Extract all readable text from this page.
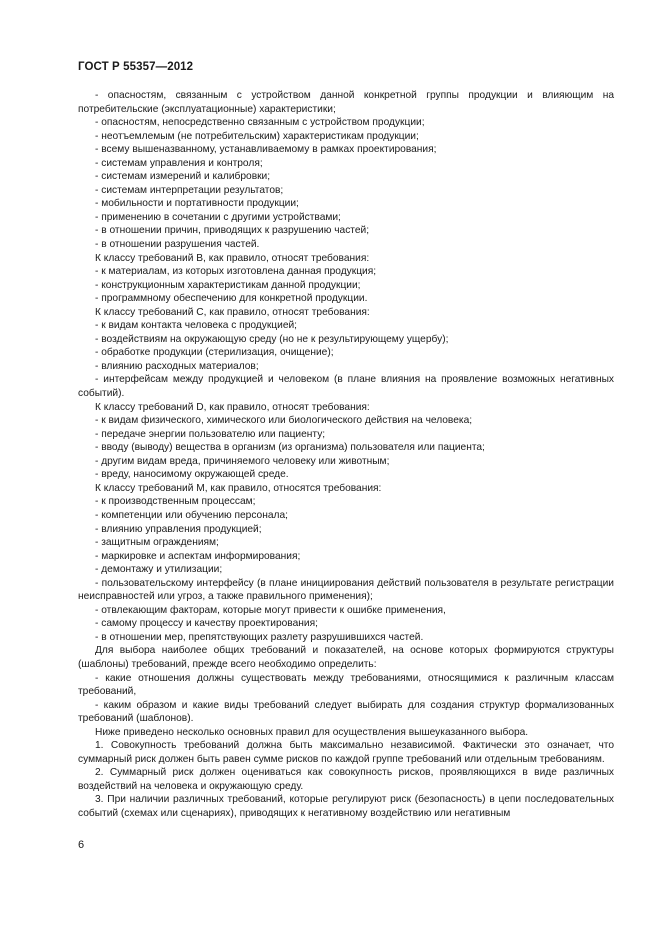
ГОСТ Р 55357—2012

- опасностям, связанным с устройством данной конкретной группы продукции и влияющим на потребительские (эксплуатационные) характеристики;

- опасностям, непосредственно связанным с устройством продукции;

- неотъемлемым (не потребительским) характеристикам продукции;

- всему вышеназванному, устанавливаемому в рамках проектирования;

- системам управления и контроля;

- системам измерений и калибровки;

- системам интерпретации результатов;

- мобильности и портативности продукции;

- применению в сочетании с другими устройствами;

- в отношении причин, приводящих к разрушению частей;

- в отношении разрушения частей.

К классу требований В, как правило, относят требования:

- к материалам, из которых изготовлена данная продукция;

- конструкционным характеристикам данной продукции;

- программному обеспечению для конкретной продукции.

К классу требований С, как правило, относят требования:

- к видам контакта человека с продукцией;

- воздействиям на окружающую среду (но не к результирующему ущербу);

- обработке продукции (стерилизация, очищение);

- влиянию расходных материалов;

- интерфейсам между продукцией и человеком (в плане влияния на проявление возможных негативных событий).

К классу требований D, как правило, относят требования:

- к видам физического, химического или биологического действия на человека;

- передаче энергии пользователю или пациенту;

- вводу (выводу) вещества в организм (из организма) пользователя или пациента;

- другим видам вреда, причиняемого человеку или животным;

- вреду, наносимому окружающей среде.

К классу требований М, как правило, относятся требования:

- к производственным процессам;

- компетенции или обучению персонала;

- влиянию управления продукцией;

- защитным ограждениям;

- маркировке и аспектам информирования;

- демонтажу и утилизации;

- пользовательскому интерфейсу (в плане инициирования действий пользователя в результате регистрации неисправностей или угроз, а также правильного применения);

- отвлекающим факторам, которые могут привести к ошибке применения,

- самому процессу и качеству проектирования;

- в отношении мер, препятствующих разлету разрушившихся частей.

Для выбора наиболее общих требований и показателей, на основе которых формируются структуры (шаблоны) требований, прежде всего необходимо определить:

- какие отношения должны существовать между требованиями, относящимися к различным классам требований,

- каким образом и какие виды требований следует выбирать для создания структур формализованных требований (шаблонов).

Ниже приведено несколько основных правил для осуществления вышеуказанного выбора.

1. Совокупность требований должна быть максимально независимой. Фактически это означает, что суммарный риск должен быть равен сумме рисков по каждой группе требований или отдельным требованиям.

2. Суммарный риск должен оцениваться как совокупность рисков, проявляющихся в виде различных воздействий на человека и окружающую среду.

3. При наличии различных требований, которые регулируют риск (безопасность) в цепи последовательных событий (схемах или сценариях), приводящих к негативному воздействию или негативным

6
